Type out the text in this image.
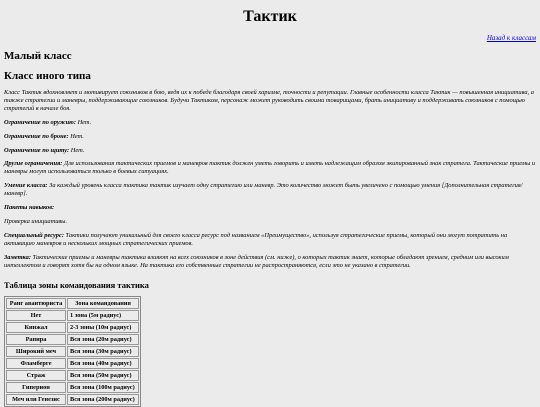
Тактик
Назад к классам
Малый класс
Класс иного типа

Класс Тактик вдохновляет и мотивирует союзников в бою, ведя их к победе благодаря своей харизме, точности и репутации. Главные особенности класса Тактик — повышенная инициатива, а также стратегии и маневры, поддерживающие союзников. Будучи Тактиком, персонаж может руководить своими товарищами, брать инициативу и поддерживать союзников с помощью стратегий в начале боя.

Ограничение по оружию: Нет.

Ограничение по броне: Нет.

Ограничение по щиту: Нет.

Другие ограничения: Для использования тактических приемов и маневров тактик должен уметь говорить и иметь надлежащим образом экипированный знак стратега. Тактические приемы и маневры могут использоваться только в боевых ситуациях.

Умение класса: За каждый уровень класса тактика тактик изучает одну стратегию или маневр. Это количество может быть увеличено с помощью умения [Дополнительная стратегия/маневр].

Пакеты навыков:

Проверка инициативы.

Специальный ресурс: Тактики получают уникальный для своего класса ресурс под названием «Преимущество», используя стратегические приемы, который они могут потратить на активацию маневров и нескольких мощных стратегических приемов.

Заметка: Тактические приемы и маневры тактика влияют на всех союзников в зоне действия (см. ниже), о которых тактик знает, которые обладают зрением, средним или высоким интеллектом и говорят хотя бы на одном языке. На тактика его собственные стратегии не распространяются, если это не указано в стратегии.

Таблица зоны командования тактика
Ранг авантюриста	Зона командования
Нет	1 зона (5м радиус)
Кинжал	2-3 зоны (10м радиус)
Рапира	Вся зона (20м радиус)
Широкий меч	Вся зона (30м радиус)
Фламберге	Вся зона (40м радиус)
Страж	Вся зона (50м радиус)
Гиперион	Вся зона (100м радиус)
Меч или Генезис	Вся зона (200м радиус)
